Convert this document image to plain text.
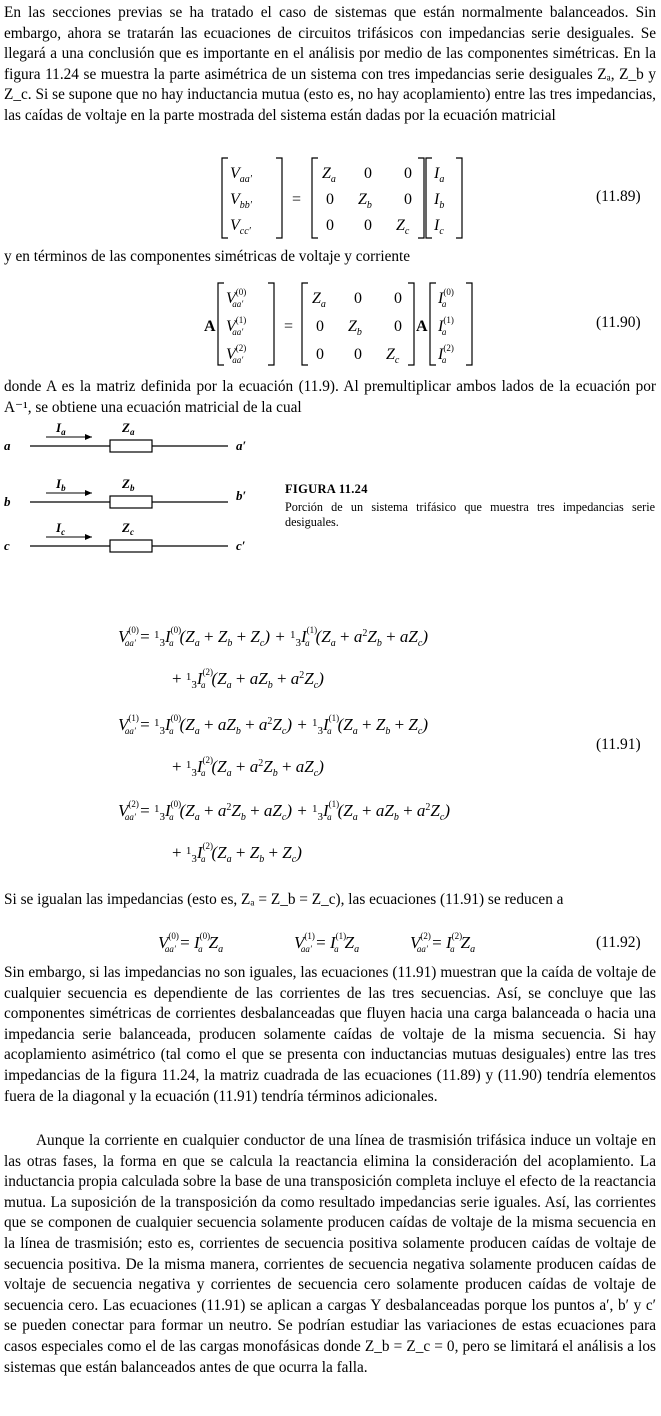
En las secciones previas se ha tratado el caso de sistemas que están normalmente balanceados. Sin embargo, ahora se tratarán las ecuaciones de circuitos trifásicos con impedancias serie desiguales. Se llegará a una conclusión que es importante en el análisis por medio de las componentes simétricas. En la figura 11.24 se muestra la parte asimétrica de un sistema con tres impedancias serie desiguales Zₐ, Z_b y Z_c. Si se supone que no hay inductancia mutua (esto es, no hay acoplamiento) entre las tres impedancias, las caídas de voltaje en la parte mostrada del sistema están dadas por la ecuación matricial
$V_{aa'}$
$V_{bb'}$
$V_{cc'}$
=
$Z_a$ 0 0
0 $Z_b$ 0
0 0 $Z_c$
$I_a$
$I_b$
$I_c$
(11.89)
y en términos de las componentes simétricas de voltaje y corriente
A
$V^{(0)}$ aa′
$V^{(1)}$ aa′
$V^{(2)}$ aa′
=
$Z_a$ 0 0
0 $Z_b$ 0
0 0 $Z_c$
A
$I^{(0)}$ a
$I^{(1)}$ a
$I^{(2)}$ a
(11.90)
donde A es la matriz definida por la ecuación (11.9). Al premultiplicar ambos lados de la ecuación por A⁻¹, se obtiene una ecuación matricial de la cual
a	a′
$I_a$	$Z_a$
b	b′
$I_b$	$Z_b$
c	c′
$I_c$	$Z_c$
FIGURA 11.24
Porción de un sistema trifásico que muestra tres impedancias serie desiguales.
$V^{(0)}$ $aa' = ^1_3I^{(0)}$ a $(Z_a + Z_b + Z_c) + ^1_3I^{(1)}$ a $(Z_a + a^2Z_b + aZ_c)$
+ $^1_3I^{(2)}$ a $(Z_a + aZ_b + a^2Z_c)$
$V^{(1)}$ $aa' = ^1_3I^{(0)}$ a $(Z_a + aZ_b + a^2Z_c) + ^1_3I^{(1)}$ a $(Z_a + Z_b + Z_c)$
+ $^1_3I^{(2)}$ a $(Z_a + a^2Z_b + aZ_c)$
$V^{(2)}$ $aa' = ^1_3I^{(0)}$ a $(Z_a + a^2Z_b + aZ_c) + ^1_3I^{(1)}$ a $(Z_a + aZ_b + a^2Z_c)$
+ $^1_3I^{(2)}$ a $(Z_a + Z_b + Z_c)$
(11.91)
Si se igualan las impedancias (esto es, Zₐ = Z_b = Z_c), las ecuaciones (11.91) se reducen a
$V^{(0)}$ $aa' = I^{(0)}$ a $Z_a$	$V^{(1)}$ $aa' = I^{(1)}$ a $Z_a$	$V^{(2)}$ $aa' = I^{(2)}$ a $Z_a$	(11.92)
Sin embargo, si las impedancias no son iguales, las ecuaciones (11.91) muestran que la caída de voltaje de cualquier secuencia es dependiente de las corrientes de las tres secuencias. Así, se concluye que las componentes simétricas de corrientes desbalanceadas que fluyen hacia una carga balanceada o hacia una impedancia serie balanceada, producen solamente caídas de voltaje de la misma secuencia. Si hay acoplamiento asimétrico (tal como el que se presenta con inductancias mutuas desiguales) entre las tres impedancias de la figura 11.24, la matriz cuadrada de las ecuaciones (11.89) y (11.90) tendría elementos fuera de la diagonal y la ecuación (11.91) tendría términos adicionales.
Aunque la corriente en cualquier conductor de una línea de trasmisión trifásica induce un voltaje en las otras fases, la forma en que se calcula la reactancia elimina la consideración del acoplamiento. La inductancia propia calculada sobre la base de una transposición completa incluye el efecto de la reactancia mutua. La suposición de la transposición da como resultado impedancias serie iguales. Así, las corrientes que se componen de cualquier secuencia solamente producen caídas de voltaje de la misma secuencia en la línea de trasmisión; esto es, corrientes de secuencia positiva solamente producen caídas de voltaje de secuencia positiva. De la misma manera, corrientes de secuencia negativa solamente producen caídas de voltaje de secuencia negativa y corrientes de secuencia cero solamente producen caídas de voltaje de secuencia cero. Las ecuaciones (11.91) se aplican a cargas Y desbalanceadas porque los puntos a′, b′ y c′ se pueden conectar para formar un neutro. Se podrían estudiar las variaciones de estas ecuaciones para casos especiales como el de las cargas monofásicas donde Z_b = Z_c = 0, pero se limitará el análisis a los sistemas que están balanceados antes de que ocurra la falla.
